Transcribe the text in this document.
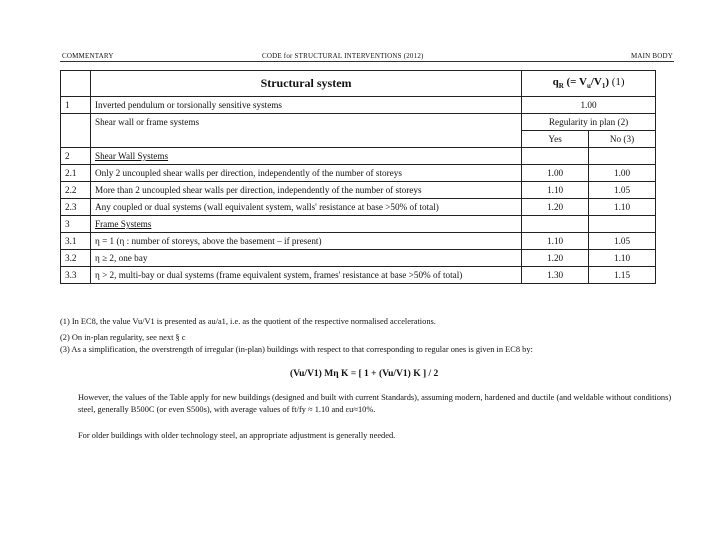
COMMENTARY	CODE for STRUCTURAL INTERVENTIONS (2012)	MAIN BODY
	Structural system	$q_R$ (= $V_u/V_1$) (1)	
1	Inverted pendulum or torsionally sensitive systems	1.00	
	Shear wall or frame systems	Regularity in plan (2)	
		Yes	No (3)
2	Shear Wall Systems		
2.1	Only 2 uncoupled shear walls per direction, independently of the number of storeys	1.00	1.00
2.2	More than 2 uncoupled shear walls per direction, independently of the number of storeys	1.10	1.05
2.3	Any coupled or dual systems (wall equivalent system, walls' resistance at base >50% of total)	1.20	1.10
3	Frame Systems		
3.1	η = 1 (η : number of storeys, above the basement – if present)	1.10	1.05
3.2	η ≥ 2, one bay	1.20	1.10
3.3	η > 2, multi-bay or dual systems (frame equivalent system, frames' resistance at base >50% of total)	1.30	1.15

(1) In EC8, the value Vu/V1 is presented as au/a1, i.e. as the quotient of the respective normalised accelerations.

(2) On in-plan regularity, see next § c

(3) As a simplification, the overstrength of irregular (in-plan) buildings with respect to that corresponding to regular ones is given in EC8 by:

(Vu/V1) Mη K = [ 1 + (Vu/V1) K ] / 2

However, the values of the Table apply for new buildings (designed and built with current Standards), assuming modern, hardened and ductile (and weldable without conditions) steel, generally B500C (or even S500s), with average values of ft/fy ≈ 1.10 and εu≈10%.

For older buildings with older technology steel, an appropriate adjustment is generally needed.
